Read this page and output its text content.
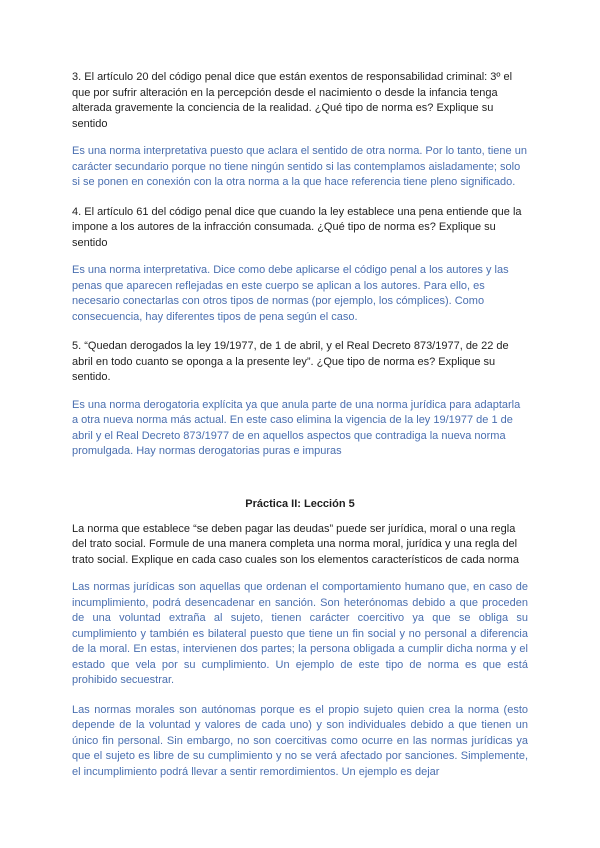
3. El artículo 20 del código penal dice que están exentos de responsabilidad criminal: 3º el que por sufrir alteración en la percepción desde el nacimiento o desde la infancia tenga alterada gravemente la conciencia de la realidad. ¿Qué tipo de norma es? Explique su sentido

Es una norma interpretativa puesto que aclara el sentido de otra norma. Por lo tanto, tiene un carácter secundario porque no tiene ningún sentido si las contemplamos aisladamente; solo si se ponen en conexión con la otra norma a la que hace referencia tiene pleno significado.

4. El artículo 61 del código penal dice que cuando la ley establece una pena entiende que la impone a los autores de la infracción consumada. ¿Qué tipo de norma es? Explique su sentido

Es una norma interpretativa. Dice como debe aplicarse el código penal a los autores y las penas que aparecen reflejadas en este cuerpo se aplican a los autores. Para ello, es necesario conectarlas con otros tipos de normas (por ejemplo, los cómplices). Como consecuencia, hay diferentes tipos de pena según el caso.

5. “Quedan derogados la ley 19/1977, de 1 de abril, y el Real Decreto 873/1977, de 22 de abril en todo cuanto se oponga a la presente ley”. ¿Que tipo de norma es? Explique su sentido.

Es una norma derogatoria explícita ya que anula parte de una norma jurídica para adaptarla a otra nueva norma más actual. En este caso elimina la vigencia de la ley 19/1977 de 1 de abril y el Real Decreto 873/1977 de en aquellos aspectos que contradiga la nueva norma promulgada. Hay normas derogatorias puras e impuras

Práctica II: Lección 5

La norma que establece “se deben pagar las deudas” puede ser jurídica, moral o una regla del trato social. Formule de una manera completa una norma moral, jurídica y una regla del trato social. Explique en cada caso cuales son los elementos característicos de cada norma

Las normas jurídicas son aquellas que ordenan el comportamiento humano que, en caso de incumplimiento, podrá desencadenar en sanción. Son heterónomas debido a que proceden de una voluntad extraña al sujeto, tienen carácter coercitivo ya que se obliga su cumplimiento y también es bilateral puesto que tiene un fin social y no personal a diferencia de la moral. En estas, intervienen dos partes; la persona obligada a cumplir dicha norma y el estado que vela por su cumplimiento. Un ejemplo de este tipo de norma es que está prohibido secuestrar.

Las normas morales son autónomas porque es el propio sujeto quien crea la norma (esto depende de la voluntad y valores de cada uno) y son individuales debido a que tienen un único fin personal. Sin embargo, no son coercitivas como ocurre en las normas jurídicas ya que el sujeto es libre de su cumplimiento y no se verá afectado por sanciones. Simplemente, el incumplimiento podrá llevar a sentir remordimientos. Un ejemplo es dejar
